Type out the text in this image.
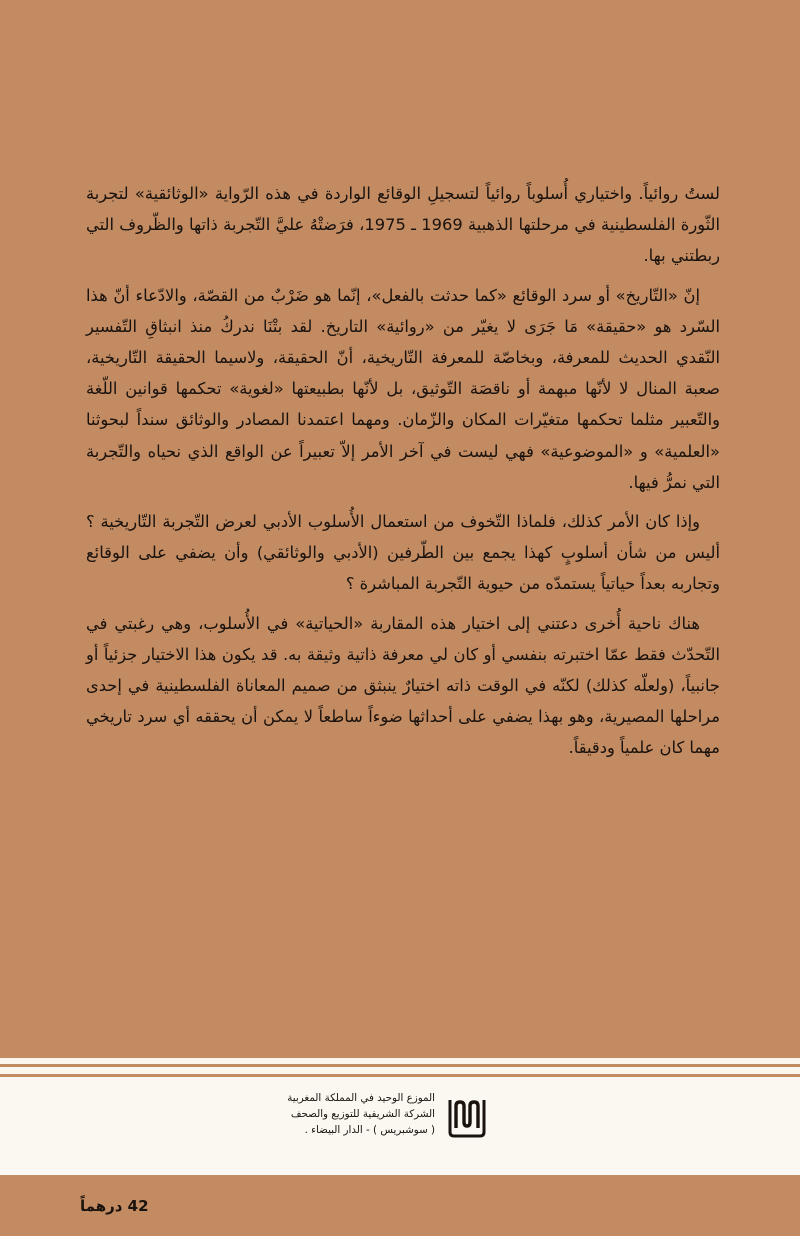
لستُ روائياً. واختياري أُسلوباً روائياً لتسجيلِ الوقائع الواردة في هذه الرّواية «الوثائقية» لتجربة الثّورة الفلسطينية في مرحلتها الذهبية 1969 ـ 1975، فرَضتْهُ عليَّ التّجربة ذاتها والظّروف التي ربطتني بها.

إنّ «التّاريخ» أو سرد الوقائع «كما حدثت بالفعل»، إنّما هو ضَرْبٌ من القصّة، والادّعاء أنّ هذا السّرد هو «حقيقة» مَا جَرَى لا يغيّر من «روائية» التاريخ. لقد بتْنَا ندركُ منذ انبثاقِ التّفسير النّقدي الحديث للمعرفة، وبخاصّة للمعرفة التّاريخية، أنّ الحقيقة، ولاسيما الحقيقة التّاريخية، صعبة المنال لا لأنّها مبهمة أو ناقصَة التّوثيق، بل لأنّها بطبيعتها «لغوية» تحكمها قوانين اللّغة والتّعبير مثلما تحكمها متغيّرات المكان والزّمان. ومهما اعتمدنا المصادر والوثائق سنداً لبحوثنا «العلمية» و «الموضوعية» فهي ليست في آخر الأمر إلاّ تعبيراً عن الواقع الذي نحياه والتّجربة التي نمرُّ فيها.

وإذا كان الأمر كذلك، فلماذا التّخوف من استعمال الأُسلوب الأدبي لعرض التّجربة التّاريخية ؟ أليس من شأن أسلوبٍ كهذا يجمع بين الطّرفين (الأدبي والوثائقي) وأن يضفي على الوقائع وتجاربه بعداً حياتياً يستمدّه من حيوية التّجربة المباشرة ؟

هناك ناحية أُخرى دعتني إلى اختيار هذه المقاربة «الحياتية» في الأُسلوب، وهي رغبتي في التّحدّث فقط عمّا اختبرته بنفسي أو كان لي معرفة ذاتية وثيقة به. قد يكون هذا الاختيار جزئياً أو جانبياً، (ولعلّه كذلك) لكنّه في الوقت ذاته اختيارٌ ينبثق من صميم المعاناة الفلسطينية في إحدى مراحلها المصيرية، وهو بهذا يضفي على أحداثها ضوءاً ساطعاً لا يمكن أن يحققه أي سرد تاريخي مهما كان علمياً ودقيقاً.

الموزع الوحيد في المملكة المغربية
الشركة الشريفية للتوزيع والصحف
( سوشبريس ) - الدار البيضاء .
42 درهماً
